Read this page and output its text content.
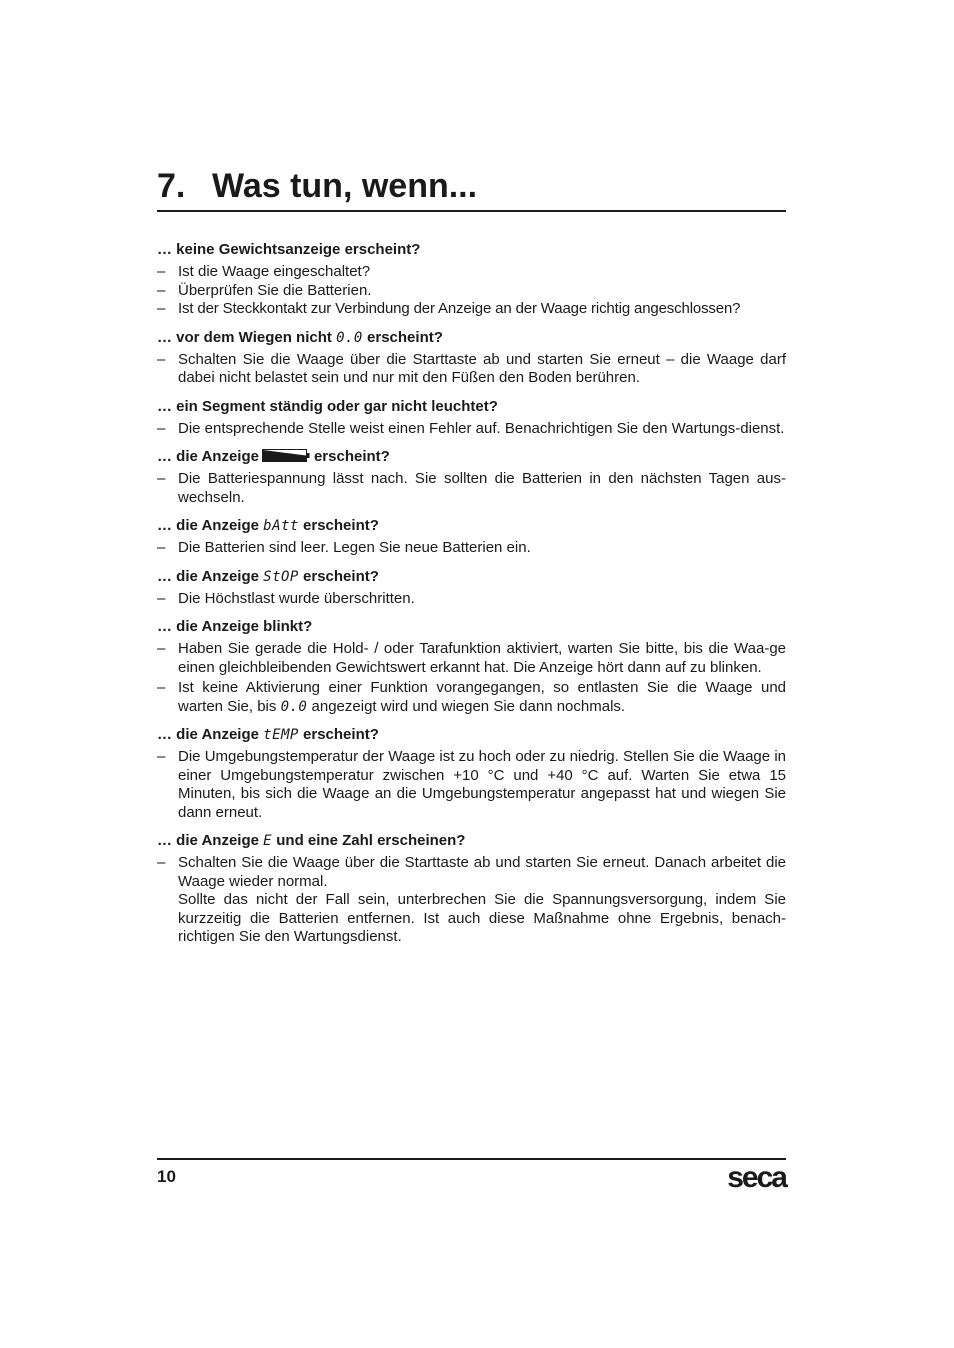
7. Was tun, wenn...
… keine Gewichtsanzeige erscheint?
– Ist die Waage eingeschaltet?

– Überprüfen Sie die Batterien.

– Ist der Steckkontakt zur Verbindung der Anzeige an der Waage richtig angeschlossen?

… vor dem Wiegen nicht 0.0 erscheint?
– Schalten Sie die Waage über die Starttaste ab und starten Sie erneut – die Waage darf dabei nicht belastet sein und nur mit den Füßen den Boden berühren.

… ein Segment ständig oder gar nicht leuchtet?
– Die entsprechende Stelle weist einen Fehler auf. Benachrichtigen Sie den Wartungs-dienst.

… die Anzeige	erscheint?
– Die Batteriespannung lässt nach. Sie sollten die Batterien in den nächsten Tagen aus-wechseln.

… die Anzeige bAtt erscheint?
– Die Batterien sind leer. Legen Sie neue Batterien ein.

… die Anzeige StOP erscheint?
– Die Höchstlast wurde überschritten.

… die Anzeige blinkt?
– Haben Sie gerade die Hold- / oder Tarafunktion aktiviert, warten Sie bitte, bis die Waa-ge einen gleichbleibenden Gewichtswert erkannt hat. Die Anzeige hört dann auf zu blinken.

– Ist keine Aktivierung einer Funktion vorangegangen, so entlasten Sie die Waage und warten Sie, bis 0.0 angezeigt wird und wiegen Sie dann nochmals.

… die Anzeige tEMP erscheint?
– Die Umgebungstemperatur der Waage ist zu hoch oder zu niedrig. Stellen Sie die Waage in einer Umgebungstemperatur zwischen +10 °C und +40 °C auf. Warten Sie etwa 15 Minuten, bis sich die Waage an die Umgebungstemperatur angepasst hat und wiegen Sie dann erneut.

… die Anzeige E und eine Zahl erscheinen?
– Schalten Sie die Waage über die Starttaste ab und starten Sie erneut. Danach arbeitet die Waage wieder normal.

Sollte das nicht der Fall sein, unterbrechen Sie die Spannungsversorgung, indem Sie kurzzeitig die Batterien entfernen. Ist auch diese Maßnahme ohne Ergebnis, benach-richtigen Sie den Wartungsdienst.

10	seca
